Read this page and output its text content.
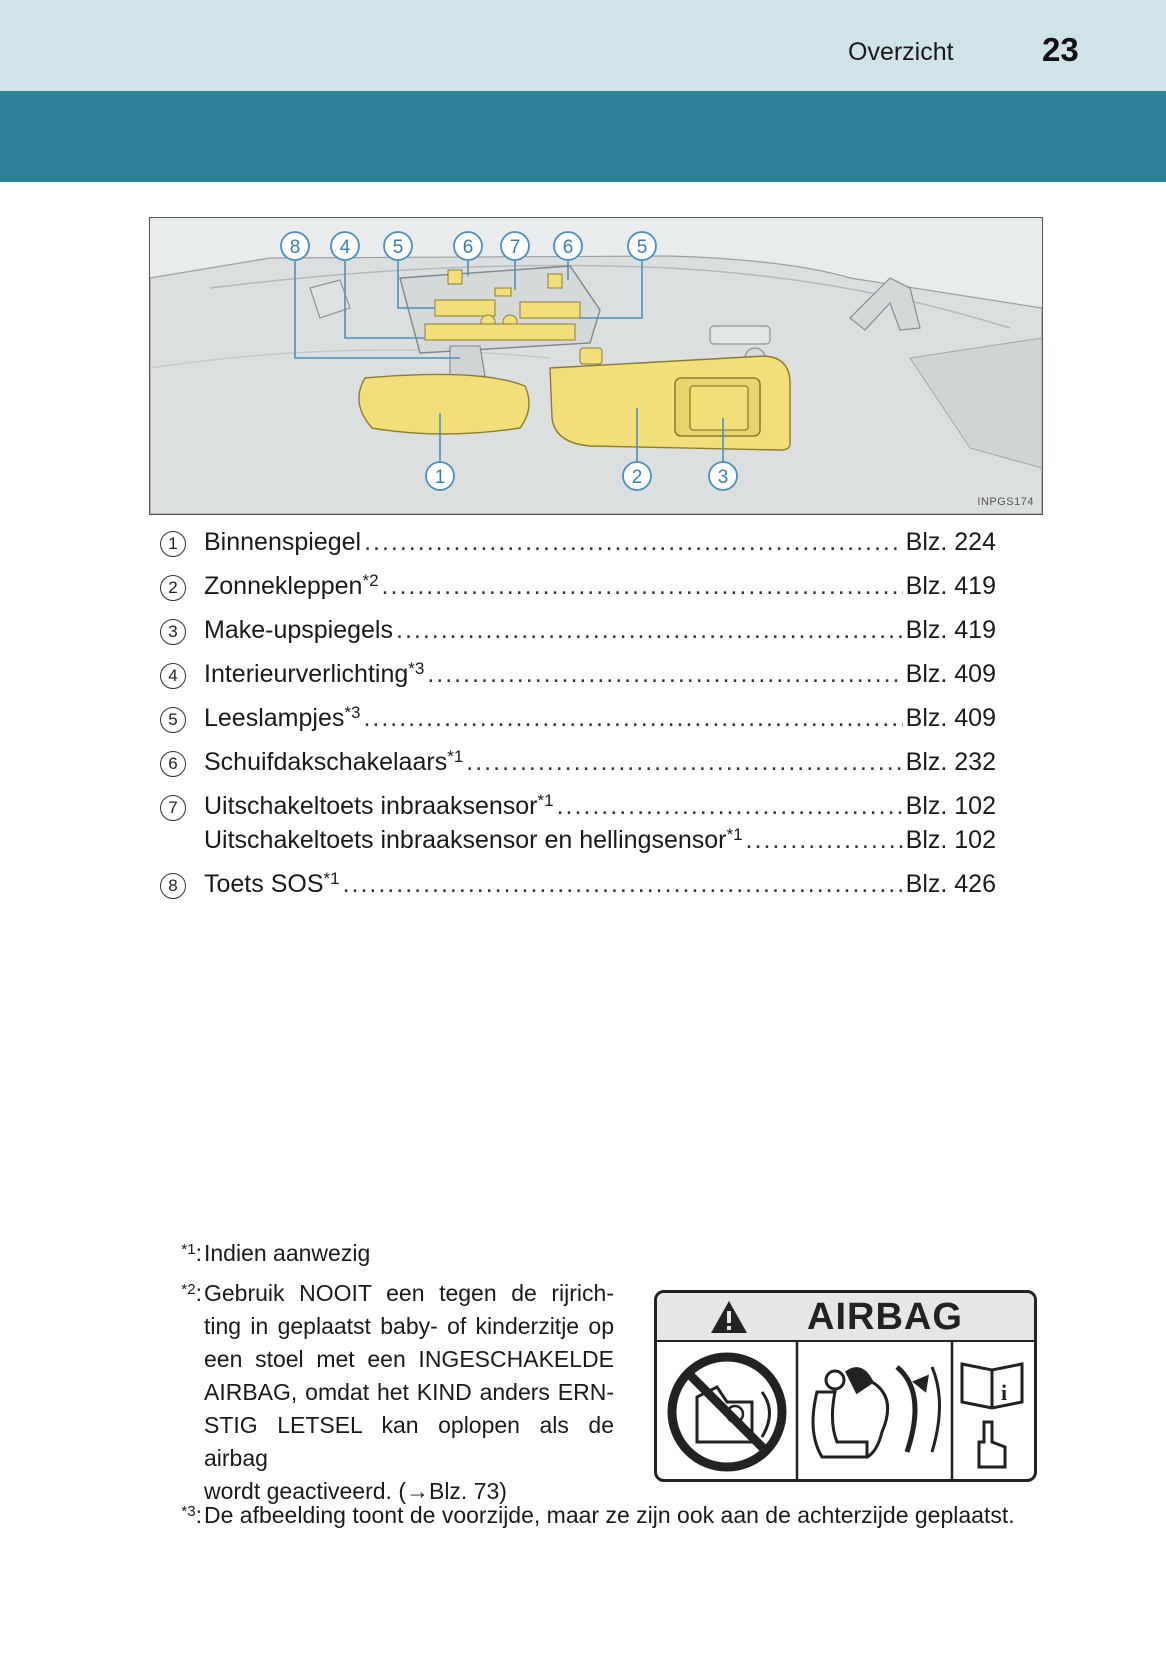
Overzicht	23
8 4 5	6 7 6	5
1	2	3
INPGS174
1	Binnenspiegel .....	Blz. 224
2	Zonnekleppen$^{*2}$ .....	Blz. 419
3	Make-upspiegels .....	Blz. 419
4	Interieurverlichting$^{*3}$ .....	Blz. 409
5	Leeslampjes$^{*3}$ .....	Blz. 409
6	Schuifdakschakelaars$^{*1}$ .....	Blz. 232
7	Uitschakeltoets inbraaksensor$^{*1}$ .....	Blz. 102
Uitschakeltoets inbraaksensor en hellingsensor$^{*1}$ .....	Blz. 102
8	Toets SOS$^{*1}$ .....	Blz. 426
$^{*1}$: Indien aanwezig
$^{*2}$: Gebruik NOOIT een tegen de rijrich-
ting in geplaatst baby- of kinderzitje op
een stoel met een INGESCHAKELDE
AIRBAG, omdat het KIND anders ERN-
STIG LETSEL kan oplopen als de airbag
wordt geactiveerd. (→Blz. 73)
$^{*3}$: De afbeelding toont de voorzijde, maar ze zijn ook aan de achterzijde geplaatst.
AIRBAG
i
